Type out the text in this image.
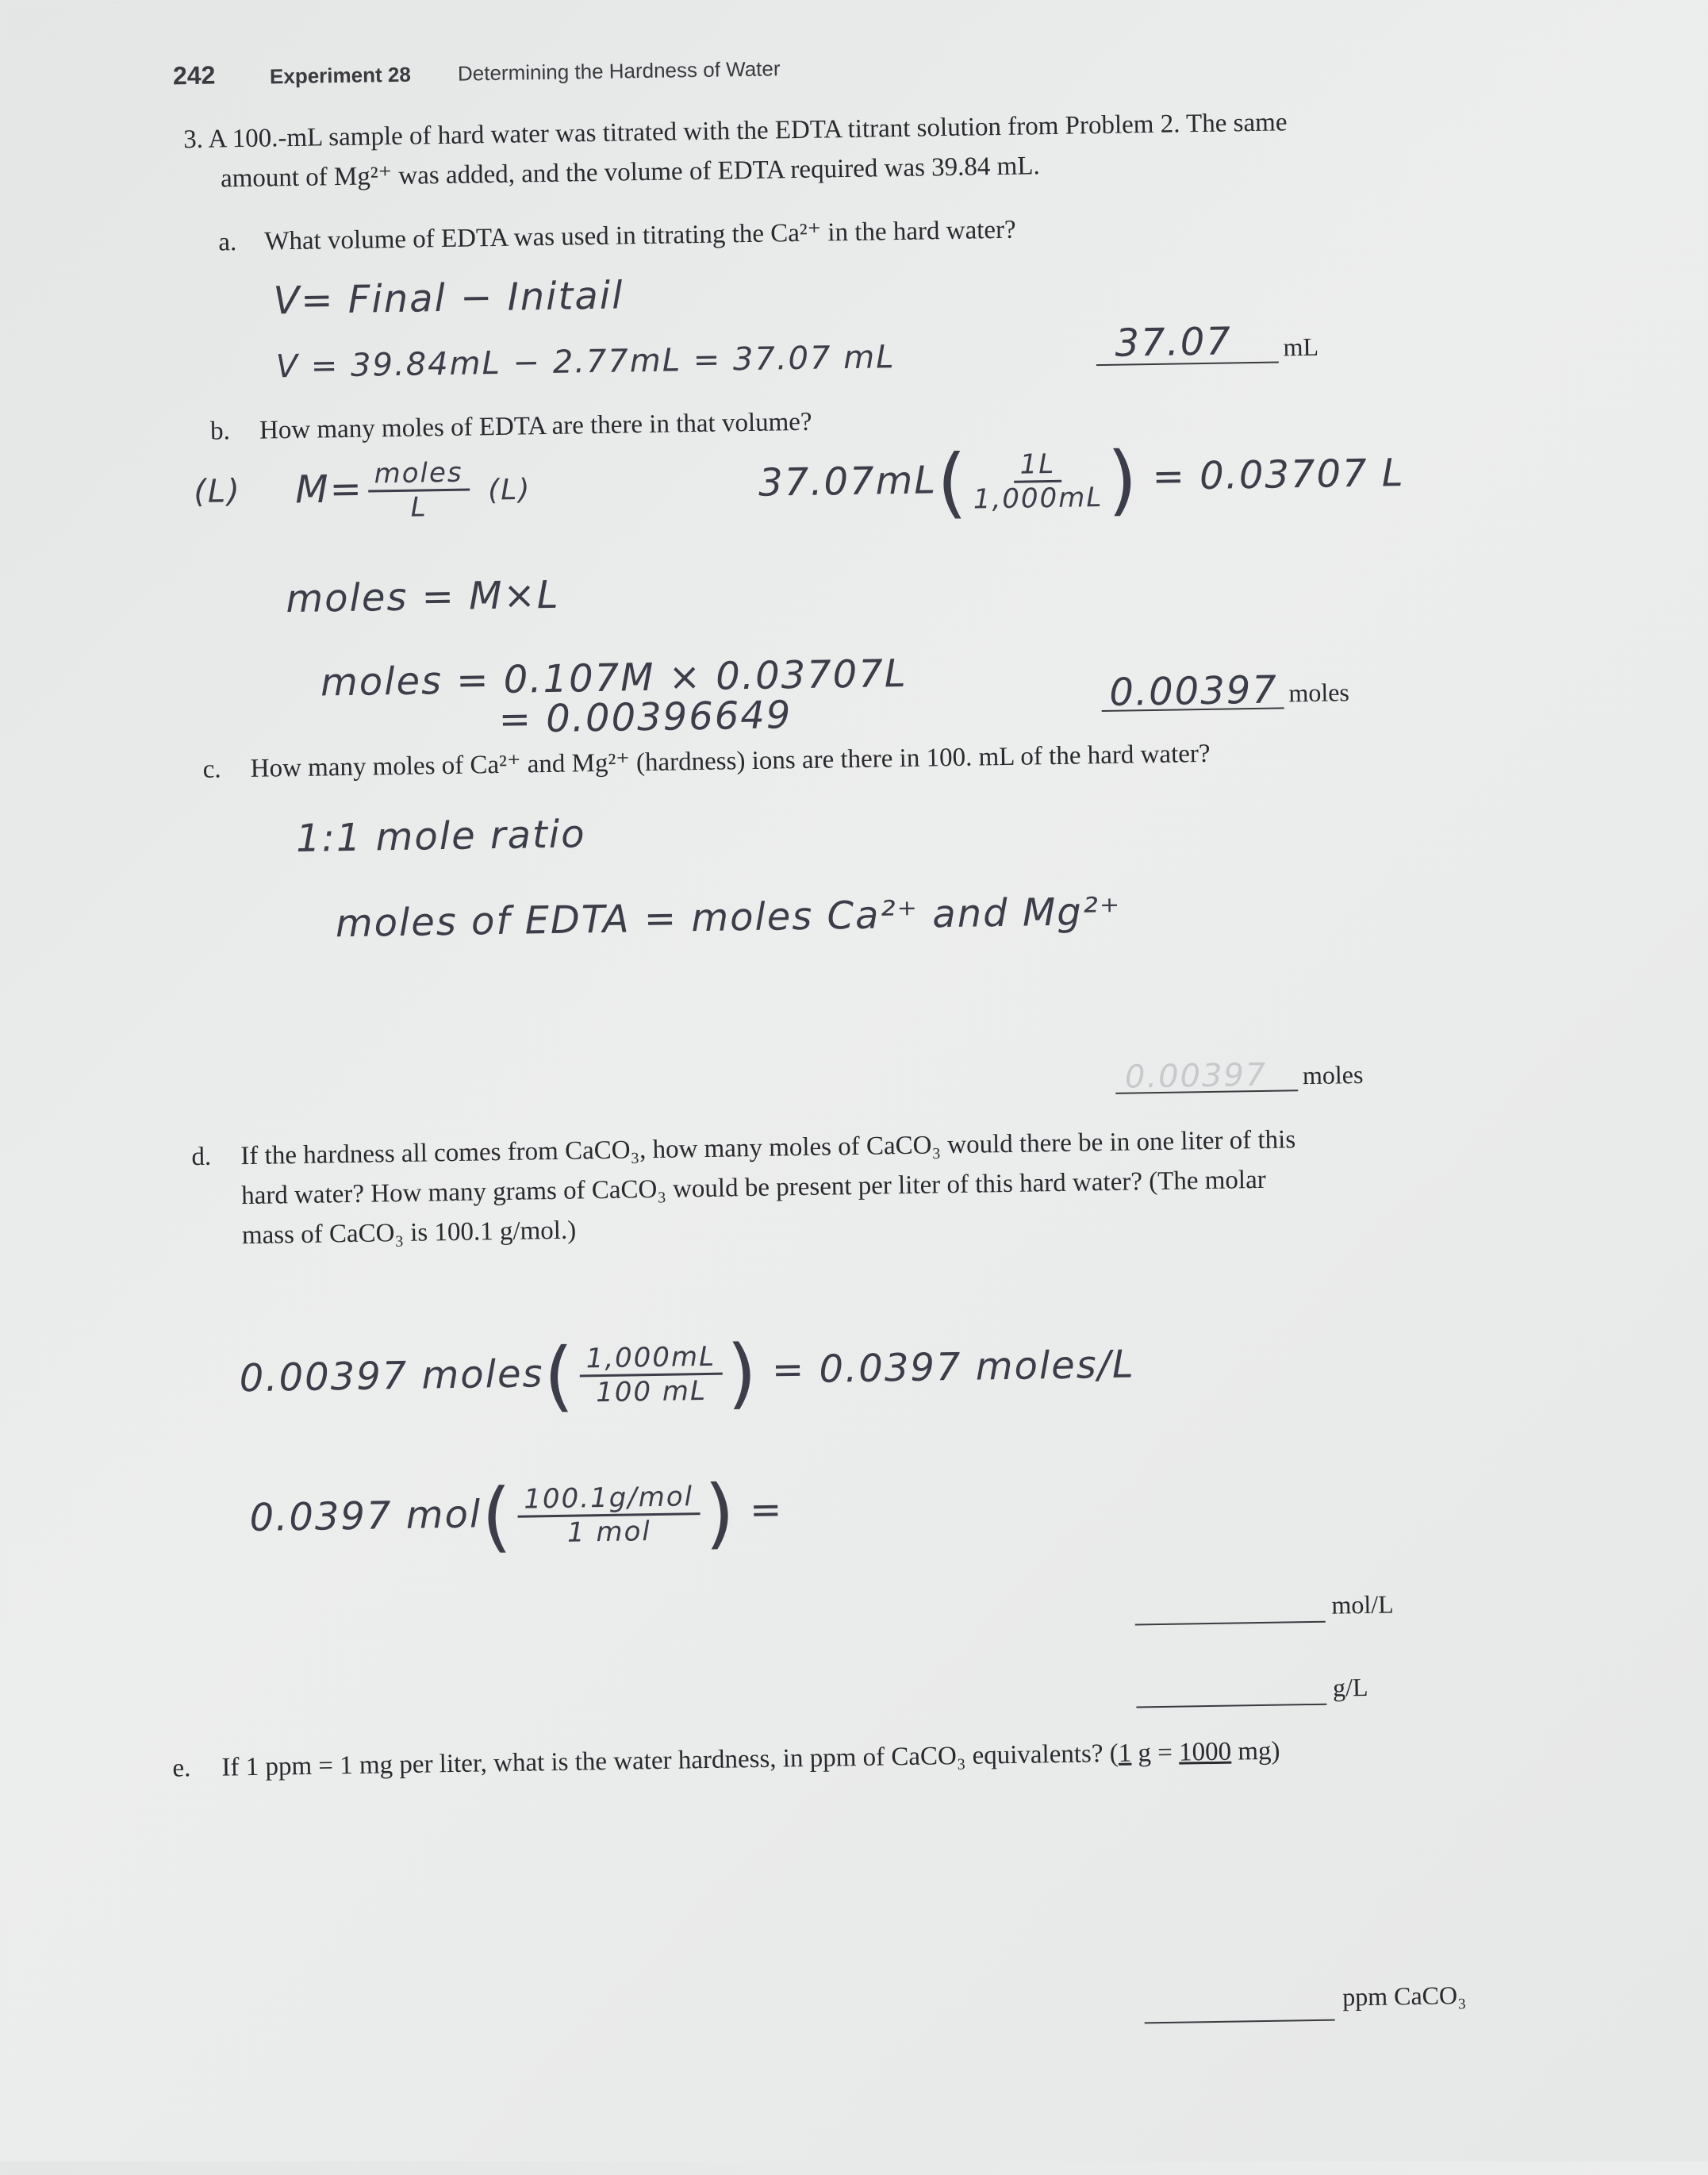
242	Experiment 28 Determining the Hardness of Water
3. A 100.-mL sample of hard water was titrated with the EDTA titrant solution from Problem 2. The same
amount of Mg²⁺ was added, and the volume of EDTA required was 39.84 mL.
a. What volume of EDTA was used in titrating the Ca²⁺ in the hard water?
V= Final − Initail
V = 39.84mL − 2.77mL = 37.07 mL	37.07 mL
b. How many moles of EDTA are there in that volume?
(L) $M= \frac{\text{moles}}{L} (L)$	$37.07mL( \frac{1L}{1,000mL}$ ) = 0.03707 L
moles = M×L
moles = 0.107M × 0.03707L
= 0.00396649
0.00397 moles
c. How many moles of Ca²⁺ and Mg²⁺ (hardness) ions are there in 100. mL of the hard water?
1:1 mole ratio
moles of EDTA = moles Ca²⁺ and Mg²⁺
0.00397 moles
d. If the hardness all comes from CaCO₃, how many moles of CaCO₃ would there be in one liter of this
hard water? How many grams of CaCO₃ would be present per liter of this hard water? (The molar
mass of CaCO₃ is 100.1 g/mol.)
0.00397 moles( $\frac{1,000mL}{100 mL}$ ) = 0.0397 moles/L
0.0397 $mol( \frac{\text{100.1g/mol}}{\text{1 mol}}$ ) =
mol/L
g/L
e. If 1 ppm = 1 mg per liter, what is the water hardness, in ppm of CaCO₃ equivalents? (1 g = 1000 mg)
ppm CaCO₃
